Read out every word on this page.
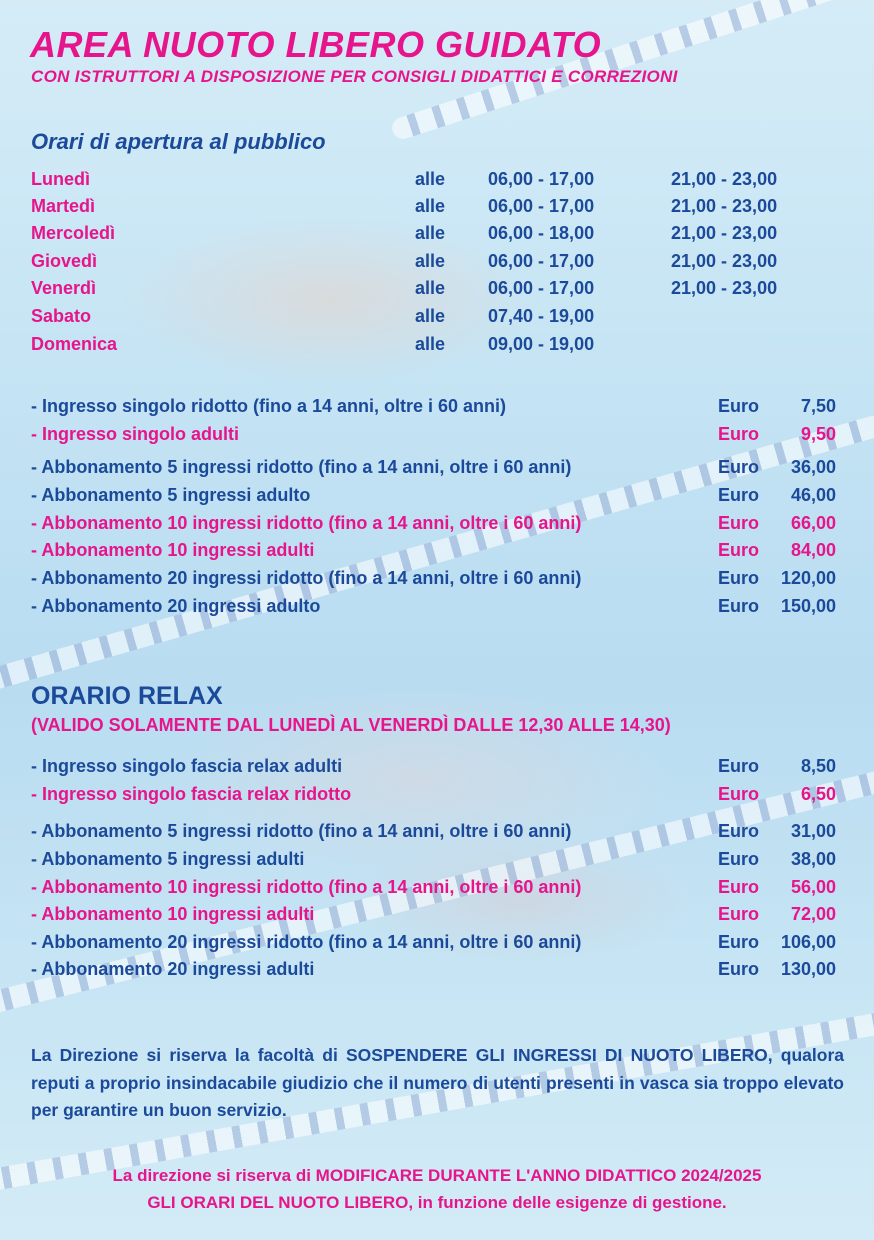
AREA NUOTO LIBERO GUIDATO
CON ISTRUTTORI A DISPOSIZIONE PER CONSIGLI DIDATTICI E CORREZIONI
Orari di apertura al pubblico
Lunedì	alle 06,00 - 17,00	21,00 - 23,00
Martedì	alle 06,00 - 17,00	21,00 - 23,00
Mercoledì	alle 06,00 - 18,00	21,00 - 23,00
Giovedì	alle 06,00 - 17,00	21,00 - 23,00
Venerdì	alle 06,00 - 17,00	21,00 - 23,00
Sabato	alle 07,40 - 19,00
Domenica	alle 09,00 - 19,00
- Ingresso singolo ridotto (fino a 14 anni, oltre i 60 anni)	Euro 7,50
- Ingresso singolo adulti	Euro 9,50
- Abbonamento 5 ingressi ridotto (fino a 14 anni, oltre i 60 anni)	Euro 36,00
- Abbonamento 5 ingressi adulto	Euro 46,00
- Abbonamento 10 ingressi ridotto (fino a 14 anni, oltre i 60 anni)	Euro 66,00
- Abbonamento 10 ingressi adulti	Euro 84,00
- Abbonamento 20 ingressi ridotto (fino a 14 anni, oltre i 60 anni)	Euro 120,00
- Abbonamento 20 ingressi adulto	Euro 150,00
ORARIO RELAX
(VALIDO SOLAMENTE DAL LUNEDÌ AL VENERDÌ DALLE 12,30 ALLE 14,30)
- Ingresso singolo fascia relax adulti	Euro 8,50
- Ingresso singolo fascia relax ridotto	Euro 6,50
- Abbonamento 5 ingressi ridotto (fino a 14 anni, oltre i 60 anni)	Euro 31,00
- Abbonamento 5 ingressi adulti	Euro 38,00
- Abbonamento 10 ingressi ridotto (fino a 14 anni, oltre i 60 anni)	Euro 56,00
- Abbonamento 10 ingressi adulti	Euro 72,00
- Abbonamento 20 ingressi ridotto (fino a 14 anni, oltre i 60 anni)	Euro 106,00
- Abbonamento 20 ingressi adulti	Euro 130,00
La Direzione si riserva la facoltà di SOSPENDERE GLI INGRESSI DI NUOTO LIBERO, qualora reputi a proprio insindacabile giudizio che il numero di utenti presenti in vasca sia troppo elevato per garantire un buon servizio.
La direzione si riserva di MODIFICARE DURANTE L'ANNO DIDATTICO 2024/2025
GLI ORARI DEL NUOTO LIBERO, in funzione delle esigenze di gestione.
